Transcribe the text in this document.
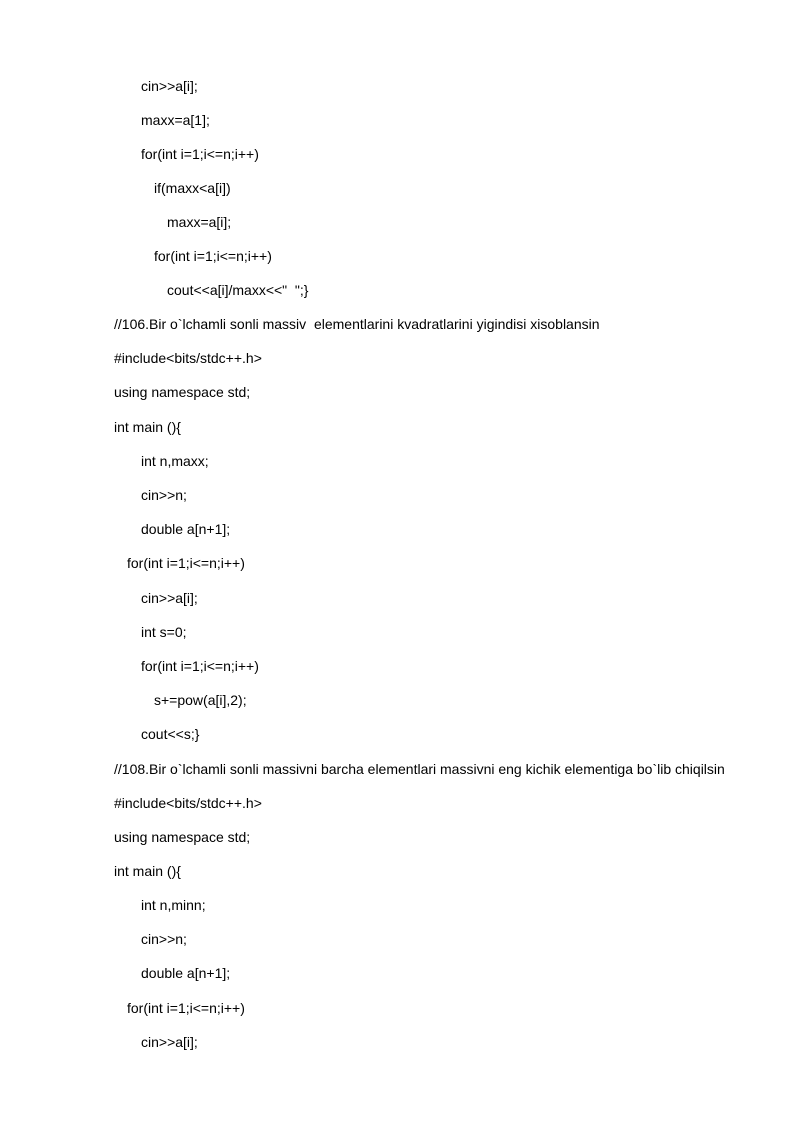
cin>>a[i];

maxx=a[1];

for(int i=1;i<=n;i++)

if(maxx<a[i])

maxx=a[i];

for(int i=1;i<=n;i++)

cout<<a[i]/maxx<<"  ";}

//106.Bir o`lchamli sonli massiv  elementlarini kvadratlarini yigindisi xisoblansin

#include<bits/stdc++.h>

using namespace std;

int main (){

int n,maxx;

cin>>n;

double a[n+1];

for(int i=1;i<=n;i++)

cin>>a[i];

int s=0;

for(int i=1;i<=n;i++)

s+=pow(a[i],2);

cout<<s;}

//108.Bir o`lchamli sonli massivni barcha elementlari massivni eng kichik elementiga bo`lib chiqilsin

#include<bits/stdc++.h>

using namespace std;

int main (){

int n,minn;

cin>>n;

double a[n+1];

for(int i=1;i<=n;i++)

cin>>a[i];
